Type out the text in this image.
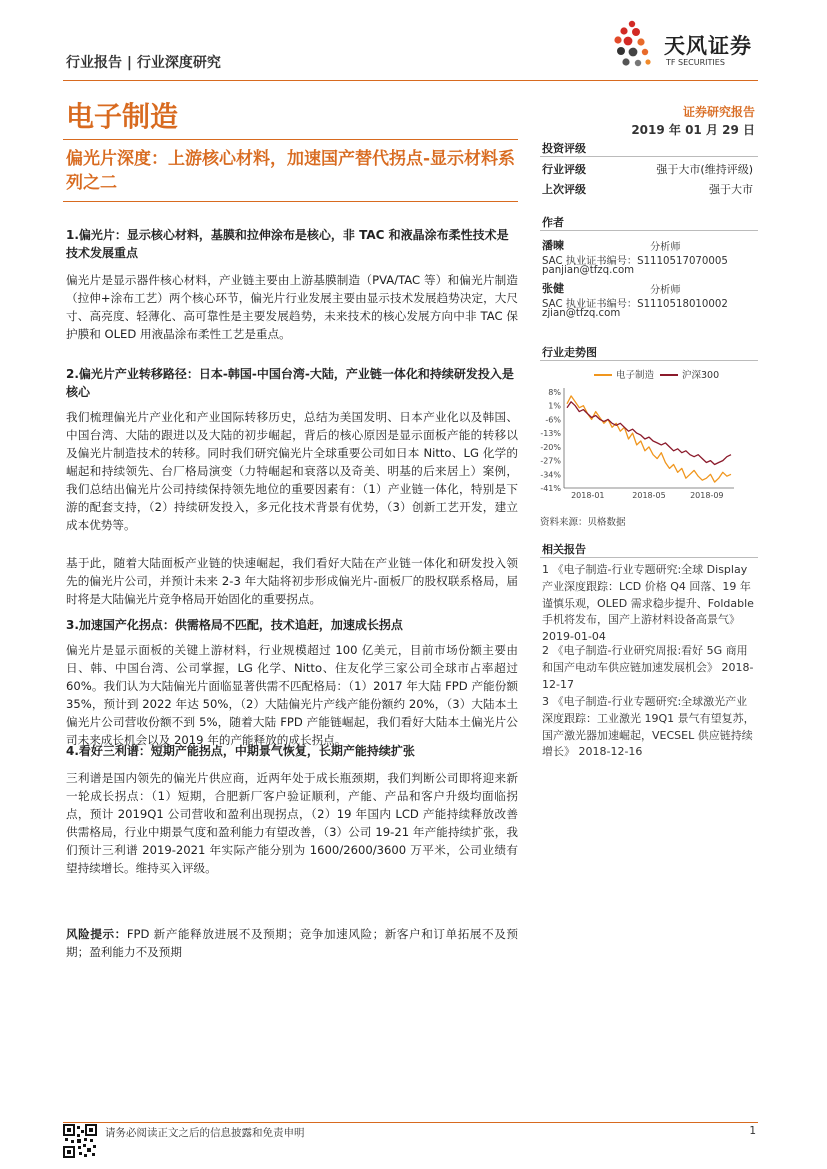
行业报告 | 行业深度研究
天风证券
TF SECURITIES
电子制造	证券研究报告
2019 年 01 月 29 日
偏光片深度：上游核心材料，加速国产替代拐点-显示材料系列之二
1.偏光片：显示核心材料，基膜和拉伸涂布是核心，非 TAC 和液晶涂布柔性技术是技术发展重点

偏光片是显示器件核心材料，产业链主要由上游基膜制造（PVA/TAC 等）和偏光片制造（拉伸+涂布工艺）两个核心环节，偏光片行业发展主要由显示技术发展趋势决定，大尺寸、高亮度、轻薄化、高可靠性是主要发展趋势，未来技术的核心发展方向中非 TAC 保护膜和 OLED 用液晶涂布柔性工艺是重点。

2.偏光片产业转移路径：日本-韩国-中国台湾-大陆，产业链一体化和持续研发投入是核心

我们梳理偏光片产业化和产业国际转移历史，总结为美国发明、日本产业化以及韩国、中国台湾、大陆的跟进以及大陆的初步崛起，背后的核心原因是显示面板产能的转移以及偏光片制造技术的转移。同时我们研究偏光片全球重要公司如日本 Nitto、LG 化学的崛起和持续领先、台厂格局演变（力特崛起和衰落以及奇美、明基的后来居上）案例，我们总结出偏光片公司持续保持领先地位的重要因素有：（1）产业链一体化，特别是下游的配套支持，（2）持续研发投入，多元化技术背景有优势，（3）创新工艺开发，建立成本优势等。

基于此，随着大陆面板产业链的快速崛起，我们看好大陆在产业链一体化和研发投入领先的偏光片公司，并预计未来 2-3 年大陆将初步形成偏光片-面板厂的股权联系格局，届时将是大陆偏光片竞争格局开始固化的重要拐点。

3.加速国产化拐点：供需格局不匹配，技术追赶，加速成长拐点

偏光片是显示面板的关键上游材料，行业规模超过 100 亿美元，目前市场份额主要由日、韩、中国台湾、公司掌握，LG 化学、Nitto、住友化学三家公司全球市占率超过 60%。我们认为大陆偏光片面临显著供需不匹配格局：（1）2017 年大陆 FPD 产能份额 35%，预计到 2022 年达 50%，（2）大陆偏光片产线产能份额约 20%，（3）大陆本土偏光片公司营收份额不到 5%，随着大陆 FPD 产能链崛起，我们看好大陆本土偏光片公司未来成长机会以及 2019 年的产能释放的成长拐点。

4.看好三利谱：短期产能拐点，中期景气恢复，长期产能持续扩张

三利谱是国内领先的偏光片供应商，近两年处于成长瓶颈期，我们判断公司即将迎来新一轮成长拐点：（1）短期，合肥新厂客户验证顺利，产能、产品和客户升级均面临拐点，预计 2019Q1 公司营收和盈利出现拐点，（2）19 年国内 LCD 产能持续释放改善供需格局，行业中期景气度和盈利能力有望改善，（3）公司 19-21 年产能持续扩张，我们预计三利谱 2019-2021 年实际产能分别为 1600/2600/3600 万平米，公司业绩有望持续增长。维持买入评级。

风险提示：FPD 新产能释放进展不及预期；竞争加速风险；新客户和订单拓展不及预期；盈利能力不及预期

投资评级
行业评级	强于大市(维持评级)
上次评级	强于大市
作者
潘暕	分析师
SAC 执业证书编号：S1110517070005
panjian@tfzq.com
张健	分析师
SAC 执业证书编号：S1110518010002
zjian@tfzq.com
行业走势图
电子制造	沪深300
8%
1%
-6%
-13%
-20%
-27%
-34%
-41%
2018-01	2018-05	2018-09
资料来源：贝格数据
相关报告
1 《电子制造-行业专题研究:全球 Display 产业深度跟踪：LCD 价格 Q4 回落、19 年谨慎乐观，OLED 需求稳步提升、Foldable 手机将发布，国产上游材料设备高景气》 2019-01-04
2 《电子制造-行业研究周报:看好 5G 商用和国产电动车供应链加速发展机会》 2018-12-17
3 《电子制造-行业专题研究:全球激光产业深度跟踪：工业激光 19Q1 景气有望复苏，国产激光器加速崛起，VECSEL 供应链持续增长》 2018-12-16
请务必阅读正文之后的信息披露和免责申明	1
